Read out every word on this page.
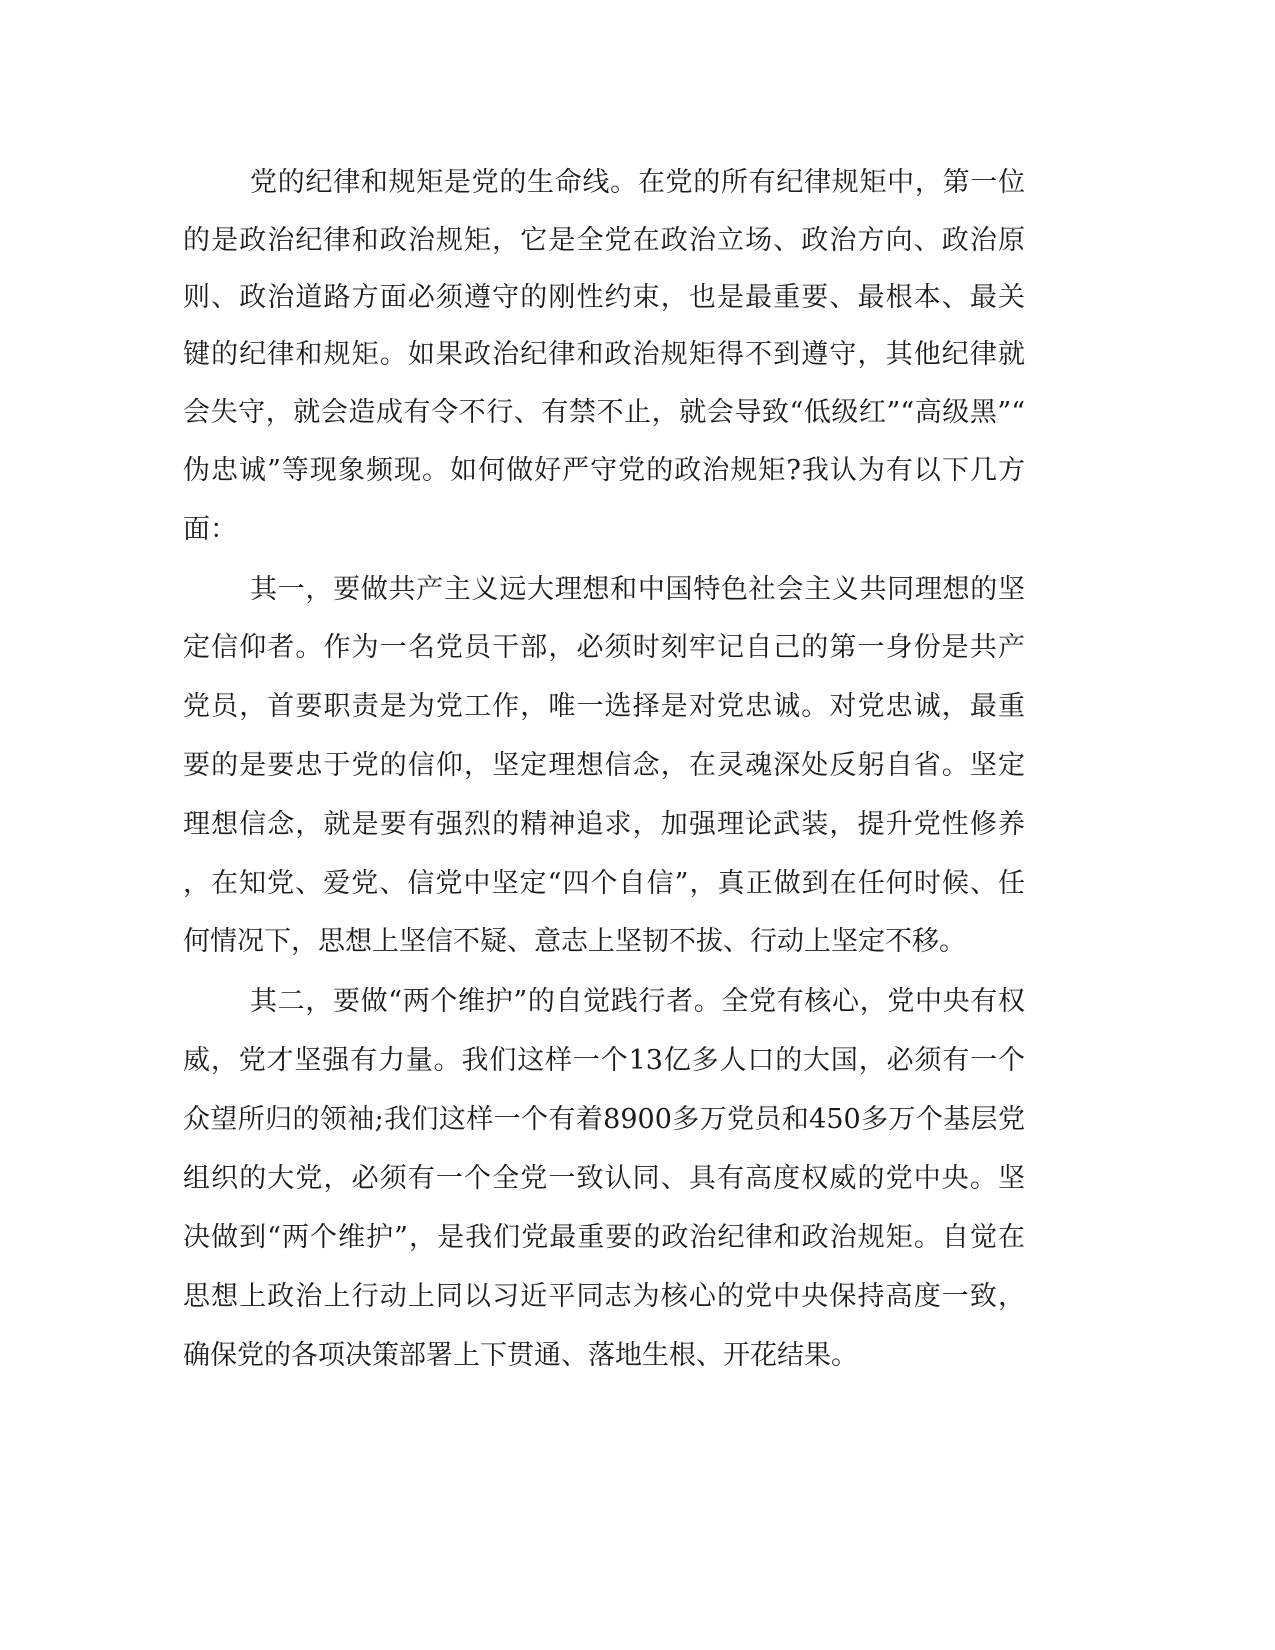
党的纪律和规矩是党的生命线。在党的所有纪律规矩中，第一位
的是政治纪律和政治规矩，它是全党在政治立场、政治方向、政治原
则、政治道路方面必须遵守的刚性约束，也是最重要、最根本、最关
键的纪律和规矩。如果政治纪律和政治规矩得不到遵守，其他纪律就
会失守，就会造成有令不行、有禁不止，就会导致“低级红”“高级黑”“
伪忠诚”等现象频现。如何做好严守党的政治规矩?我认为有以下几方
面：
其一，要做共产主义远大理想和中国特色社会主义共同理想的坚
定信仰者。作为一名党员干部，必须时刻牢记自己的第一身份是共产
党员，首要职责是为党工作，唯一选择是对党忠诚。对党忠诚，最重
要的是要忠于党的信仰，坚定理想信念，在灵魂深处反躬自省。坚定
理想信念，就是要有强烈的精神追求，加强理论武装，提升党性修养
，在知党、爱党、信党中坚定“四个自信”，真正做到在任何时候、任
何情况下，思想上坚信不疑、意志上坚韧不拔、行动上坚定不移。
其二，要做“两个维护”的自觉践行者。全党有核心，党中央有权
威，党才坚强有力量。我们这样一个13亿多人口的大国，必须有一个
众望所归的领袖;我们这样一个有着8900多万党员和450多万个基层党
组织的大党，必须有一个全党一致认同、具有高度权威的党中央。坚
决做到“两个维护”，是我们党最重要的政治纪律和政治规矩。自觉在
思想上政治上行动上同以习近平同志为核心的党中央保持高度一致，
确保党的各项决策部署上下贯通、落地生根、开花结果。
